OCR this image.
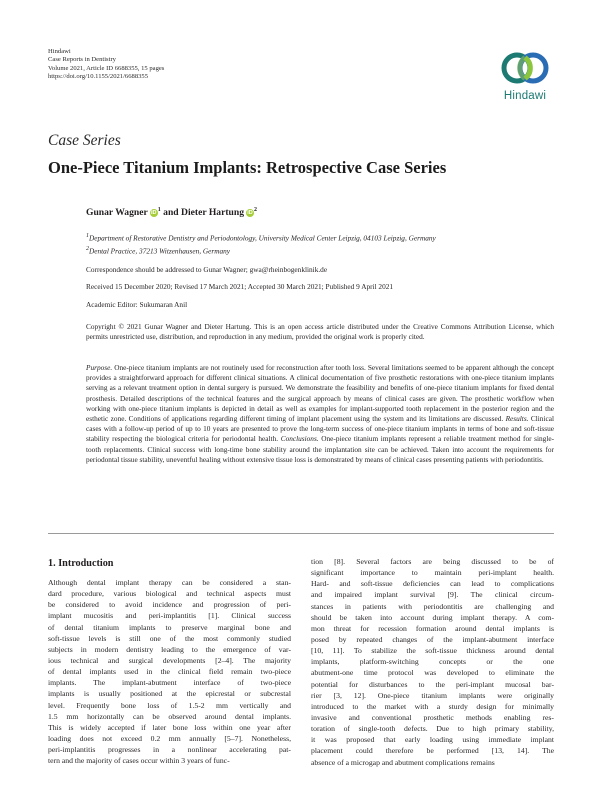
Hindawi
Case Reports in Dentistry
Volume 2021, Article ID 6688355, 15 pages
https://doi.org/10.1155/2021/6688355
Hindawi
Case Series
One-Piece Titanium Implants: Retrospective Case Series
Gunar Wagner $iD^1$ and Dieter Hartung $iD^2$
$^1$Department of Restorative Dentistry and Periodontology, University Medical Center Leipzig, 04103 Leipzig, Germany
$^2$Dental Practice, 37213 Witzenhausen, Germany
Correspondence should be addressed to Gunar Wagner; gwa@rheinbogenklinik.de
Received 15 December 2020; Revised 17 March 2021; Accepted 30 March 2021; Published 9 April 2021
Academic Editor: Sukumaran Anil
Copyright © 2021 Gunar Wagner and Dieter Hartung. This is an open access article distributed under the Creative Commons Attribution License, which permits unrestricted use, distribution, and reproduction in any medium, provided the original work is properly cited.
Purpose. One-piece titanium implants are not routinely used for reconstruction after tooth loss. Several limitations seemed to be apparent although the concept provides a straightforward approach for different clinical situations. A clinical documentation of five prosthetic restorations with one-piece titanium implants serving as a relevant treatment option in dental surgery is pursued. We demonstrate the feasibility and benefits of one-piece titanium implants for fixed dental prosthesis. Detailed descriptions of the technical features and the surgical approach by means of clinical cases are given. The prosthetic workflow when working with one-piece titanium implants is depicted in detail as well as examples for implant-supported tooth replacement in the posterior region and the esthetic zone. Conditions of applications regarding different timing of implant placement using the system and its limitations are discussed. Results. Clinical cases with a follow-up period of up to 10 years are presented to prove the long-term success of one-piece titanium implants in terms of bone and soft-tissue stability respecting the biological criteria for periodontal health. Conclusions. One-piece titanium implants represent a reliable treatment method for single-tooth replacements. Clinical success with long-time bone stability around the implantation site can be achieved. Taken into account the requirements for periodontal tissue stability, uneventful healing without extensive tissue loss is demonstrated by means of clinical cases presenting patients with periodontitis.
1. Introduction
Although dental implant therapy can be considered a stan-
dard procedure, various biological and technical aspects must
be considered to avoid incidence and progression of peri-
implant mucositis and peri-implantitis [1]. Clinical success
of dental titanium implants to preserve marginal bone and
soft-tissue levels is still one of the most commonly studied
subjects in modern dentistry leading to the emergence of var-
ious technical and surgical developments [2–4]. The majority
of dental implants used in the clinical field remain two-piece
implants. The implant-abutment interface of two-piece
implants is usually positioned at the epicrestal or subcrestal
level. Frequently bone loss of 1.5-2 mm vertically and
1.5 mm horizontally can be observed around dental implants.
This is widely accepted if later bone loss within one year after
loading does not exceed 0.2 mm annually [5–7]. Nonetheless,
peri-implantitis progresses in a nonlinear accelerating pat-
tern and the majority of cases occur within 3 years of func-
tion [8]. Several factors are being discussed to be of
significant importance to maintain peri-implant health.
Hard- and soft-tissue deficiencies can lead to complications
and impaired implant survival [9]. The clinical circum-
stances in patients with periodontitis are challenging and
should be taken into account during implant therapy. A com-
mon threat for recession formation around dental implants is
posed by repeated changes of the implant-abutment interface
[10, 11]. To stabilize the soft-tissue thickness around dental
implants, platform-switching concepts or the one
abutment-one time protocol was developed to eliminate the
potential for disturbances to the peri-implant mucosal bar-
rier [3, 12]. One-piece titanium implants were originally
introduced to the market with a sturdy design for minimally
invasive and conventional prosthetic methods enabling res-
toration of single-tooth defects. Due to high primary stability,
it was proposed that early loading using immediate implant
placement could therefore be performed [13, 14]. The
absence of a microgap and abutment complications remains
